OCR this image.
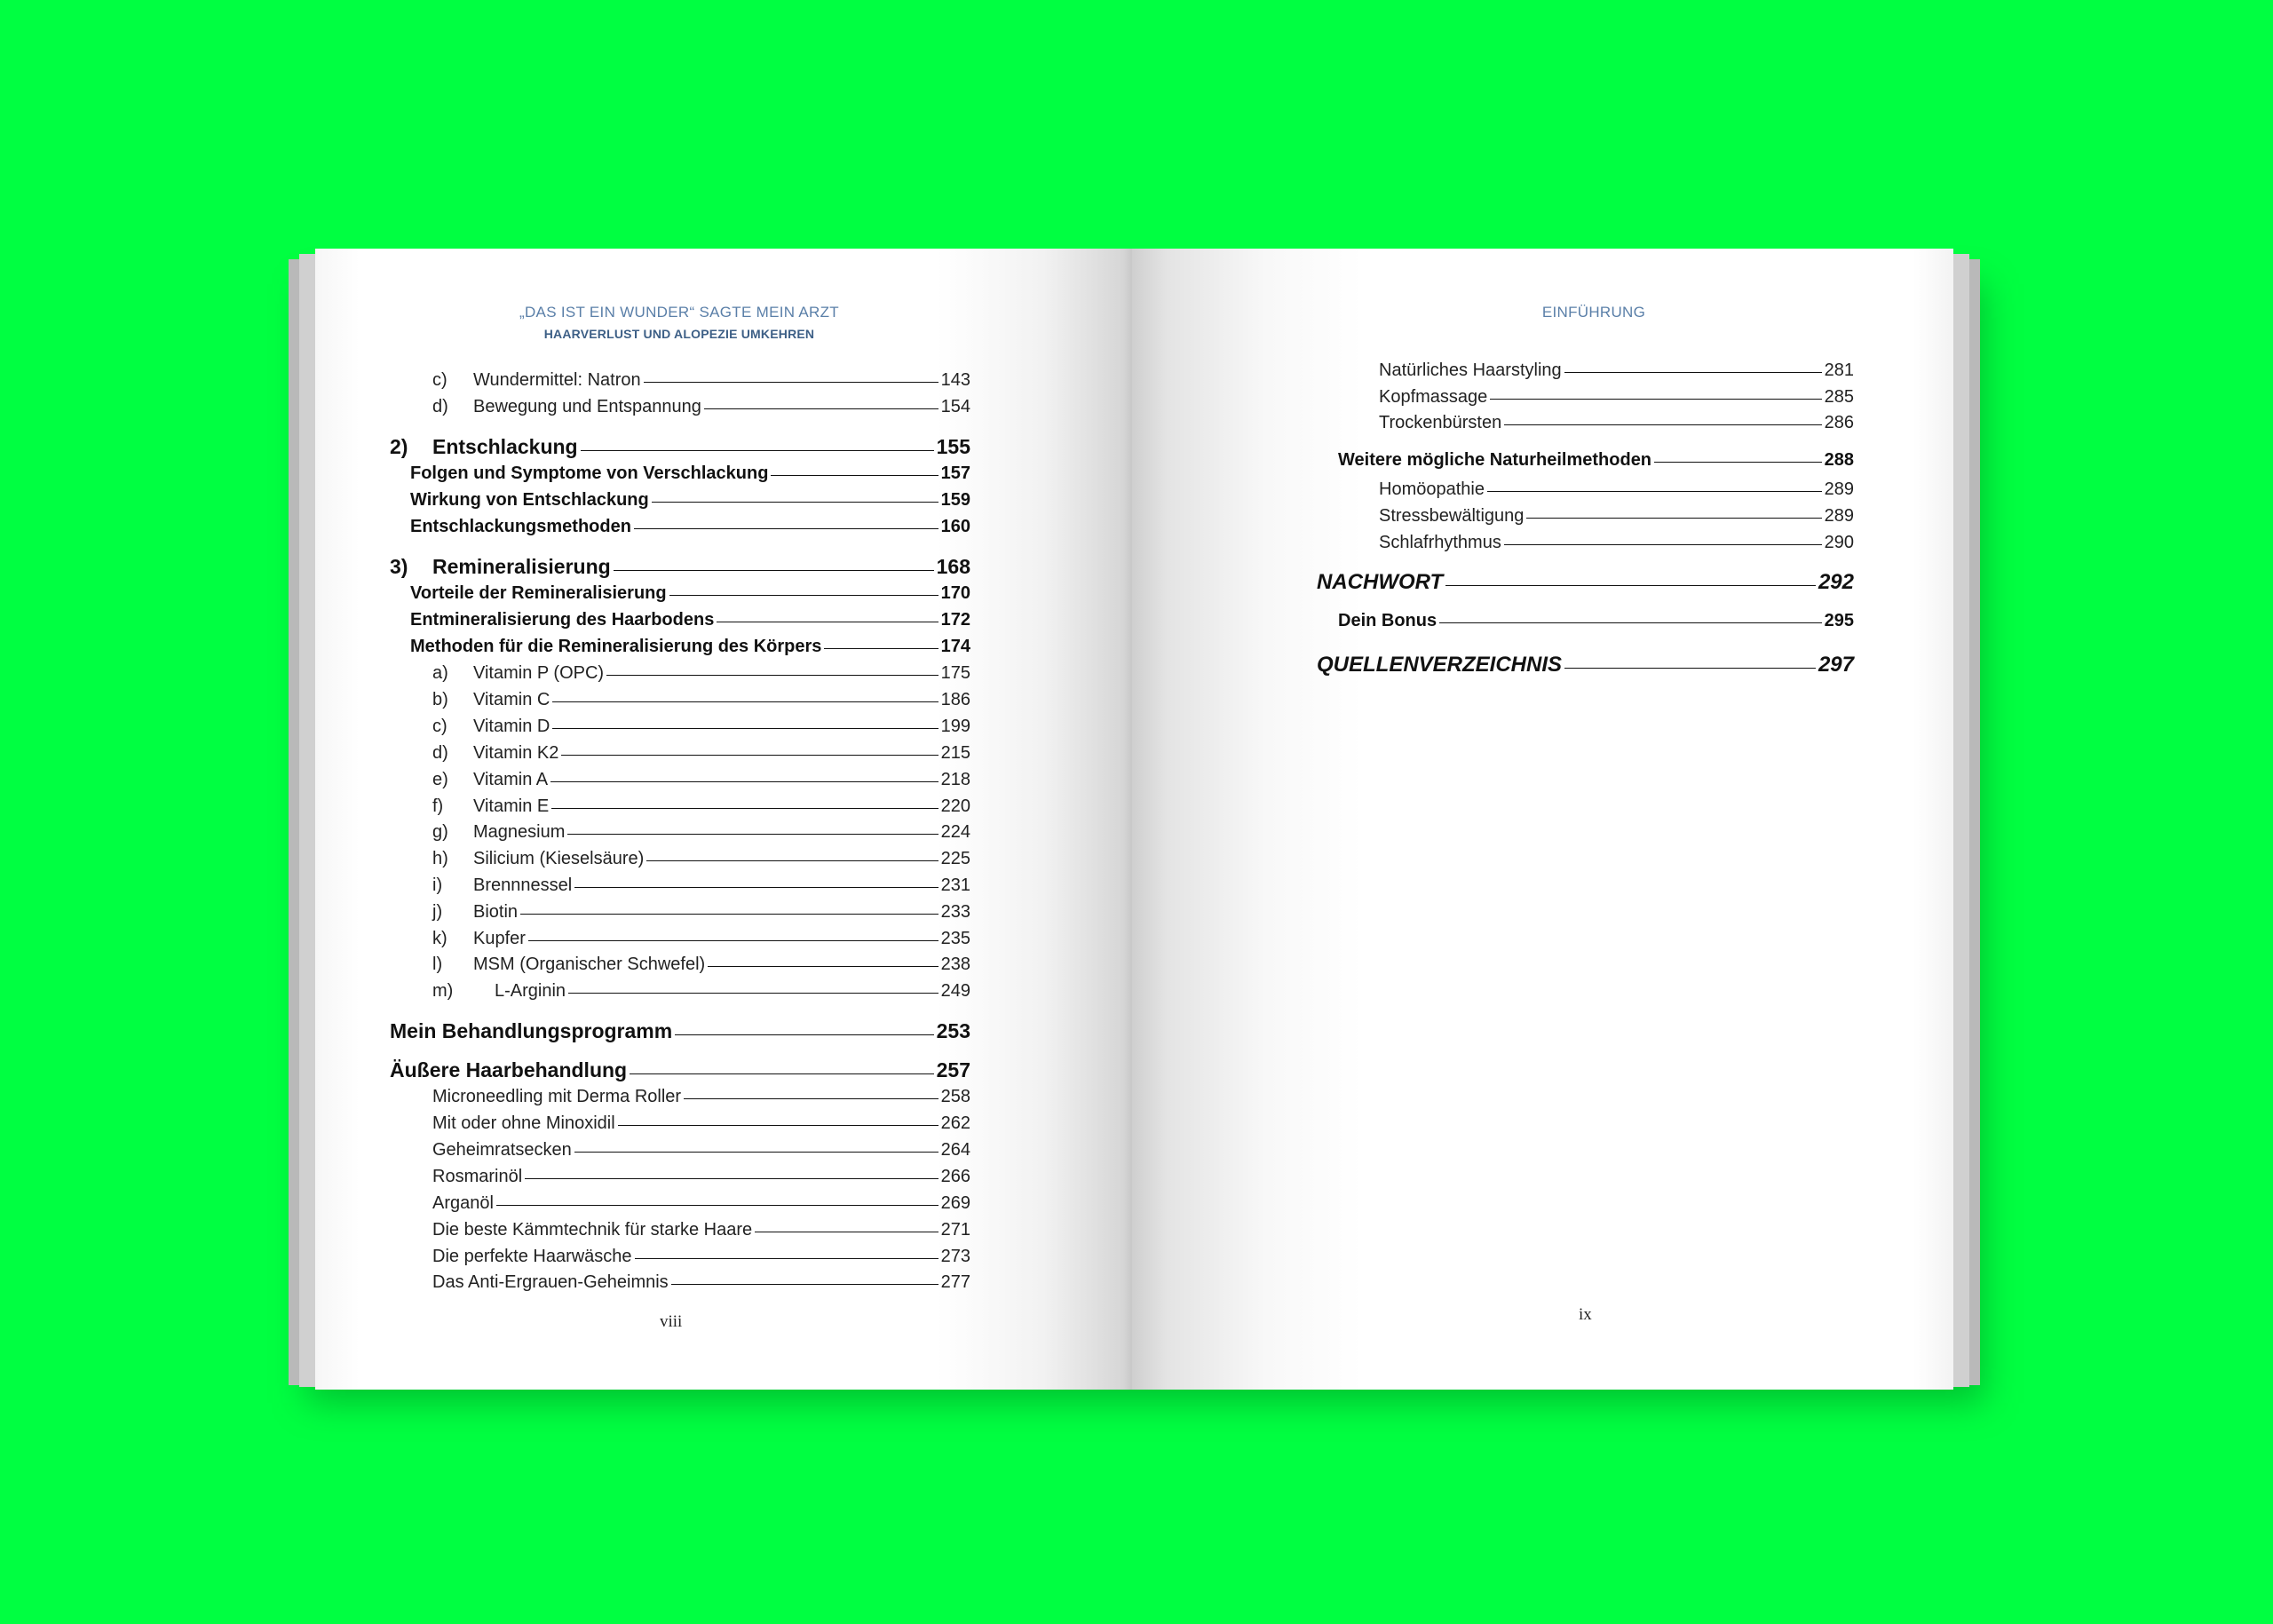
„DAS IST EIN WUNDER“ SAGTE MEIN ARZT
HAARVERLUST UND ALOPEZIE UMKEHREN
c)	Wundermittel: Natron	143
d)	Bewegung und Entspannung	154
2)	Entschlackung	155
Folgen und Symptome von Verschlackung	157
Wirkung von Entschlackung	159
Entschlackungsmethoden	160
3)	Remineralisierung	168
Vorteile der Remineralisierung	170
Entmineralisierung des Haarbodens	172
Methoden für die Remineralisierung des Körpers	174
a)	Vitamin P (OPC)	175
b)	Vitamin C	186
c)	Vitamin D	199
d)	Vitamin K2	215
e)	Vitamin A	218
f)	Vitamin E	220
g)	Magnesium	224
h)	Silicium (Kieselsäure)	225
i)	Brennnessel	231
j)	Biotin	233
k)	Kupfer	235
l)	MSM (Organischer Schwefel)	238
m)	L-Arginin	249
Mein Behandlungsprogramm	253
Äußere Haarbehandlung	257
Microneedling mit Derma Roller	258
Mit oder ohne Minoxidil	262
Geheimratsecken	264
Rosmarinöl	266
Arganöl	269
Die beste Kämmtechnik für starke Haare	271
Die perfekte Haarwäsche	273
Das Anti-Ergrauen-Geheimnis	277
viii
EINFÜHRUNG
Natürliches Haarstyling	281
Kopfmassage	285
Trockenbürsten	286
Weitere mögliche Naturheilmethoden	288
Homöopathie	289
Stressbewältigung	289
Schlafrhythmus	290
NACHWORT	292
Dein Bonus	295
QUELLENVERZEICHNIS	297
ix
